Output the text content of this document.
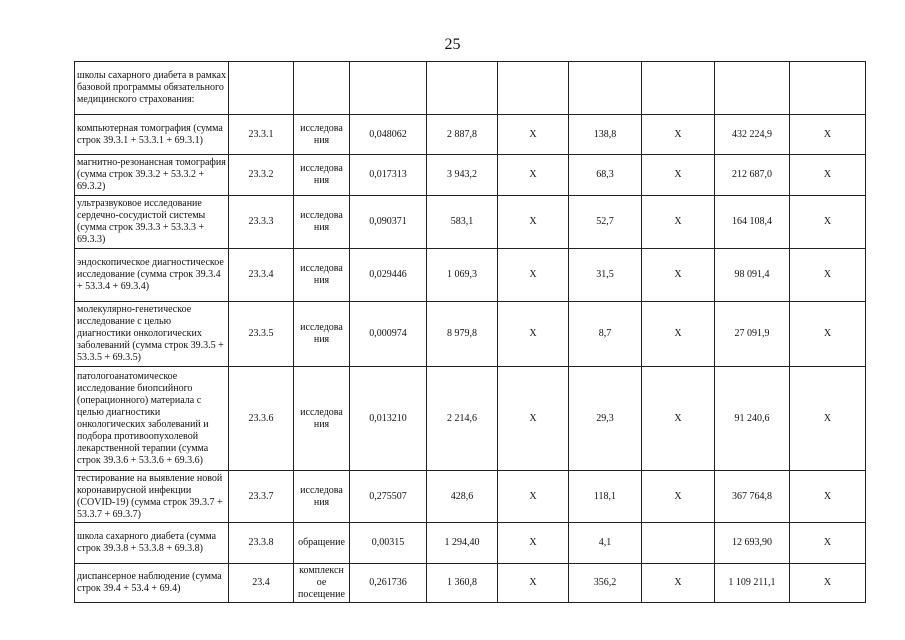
25
школы сахарного диабета в рамках базовой программы обязательного медицинского страхования:									
компьютерная томография (сумма строк 39.3.1 + 53.3.1 + 69.3.1)	23.3.1	исследова ния	0,048062	2 887,8	Х	138,8	Х	432 224,9	Х
магнитно-резонансная томография (сумма строк 39.3.2 + 53.3.2 + 69.3.2)	23.3.2	исследова ния	0,017313	3 943,2	Х	68,3	Х	212 687,0	Х
ультразвуковое исследование сердечно-сосудистой системы (сумма строк 39.3.3 + 53.3.3 + 69.3.3)	23.3.3	исследова ния	0,090371	583,1	Х	52,7	Х	164 108,4	Х
эндоскопическое диагностическое исследование (сумма строк 39.3.4 + 53.3.4 + 69.3.4)	23.3.4	исследова ния	0,029446	1 069,3	Х	31,5	Х	98 091,4	Х
молекулярно-генетическое исследование с целью диагностики онкологических заболеваний (сумма строк 39.3.5 + 53.3.5 + 69.3.5)	23.3.5	исследова ния	0,000974	8 979,8	Х	8,7	Х	27 091,9	Х
патологоанатомическое исследование биопсийного (операционного) материала с целью диагностики онкологических заболеваний и подбора противоопухолевой лекарственной терапии (сумма строк 39.3.6 + 53.3.6 + 69.3.6)	23.3.6	исследова ния	0,013210	2 214,6	Х	29,3	Х	91 240,6	Х
тестирование на выявление новой коронавирусной инфекции (COVID-19) (сумма строк 39.3.7 + 53.3.7 + 69.3.7)	23.3.7	исследова ния	0,275507	428,6	Х	118,1	Х	367 764,8	Х
школа сахарного диабета (сумма строк 39.3.8 + 53.3.8 + 69.3.8)	23.3.8	обращение	0,00315	1 294,40	Х	4,1		12 693,90	Х
диспансерное наблюдение (сумма строк 39.4 + 53.4 + 69.4)	23.4	комплексн ое посещение	0,261736	1 360,8	Х	356,2	Х	1 109 211,1	Х
